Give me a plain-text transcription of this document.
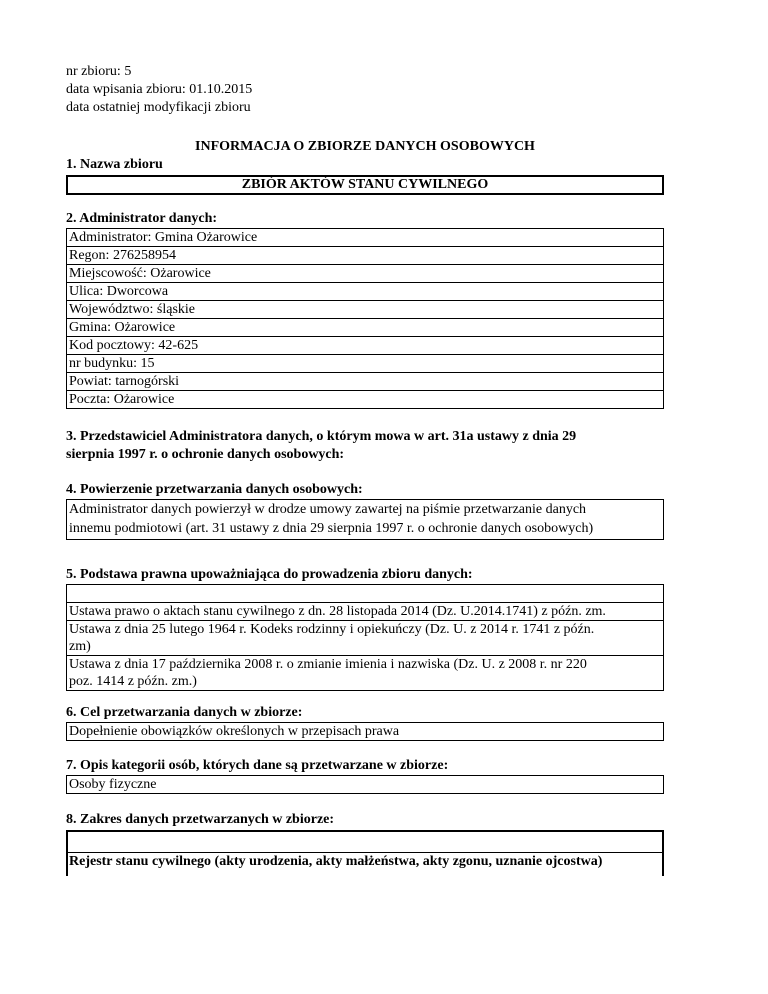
nr zbioru: 5
data wpisania zbioru: 01.10.2015
data ostatniej modyfikacji zbioru
INFORMACJA O ZBIORZE DANYCH OSOBOWYCH
1. Nazwa zbioru
ZBIÓR AKTÓW STANU CYWILNEGO
2. Administrator danych:
Administrator: Gmina Ożarowice
Regon: 276258954
Miejscowość: Ożarowice
Ulica: Dworcowa
Województwo: śląskie
Gmina: Ożarowice
Kod pocztowy: 42-625
nr budynku: 15
Powiat: tarnogórski
Poczta: Ożarowice
3. Przedstawiciel Administratora danych, o którym mowa w art. 31a ustawy z dnia 29
sierpnia 1997 r. o ochronie danych osobowych:
4. Powierzenie przetwarzania danych osobowych:
Administrator danych powierzył w drodze umowy zawartej na piśmie przetwarzanie danych
innemu podmiotowi (art. 31 ustawy z dnia 29 sierpnia 1997 r. o ochronie danych osobowych)
5. Podstawa prawna upoważniająca do prowadzenia zbioru danych:
Ustawa prawo o aktach stanu cywilnego z dn. 28 listopada 2014 (Dz. U.2014.1741) z późn. zm.
Ustawa z dnia 25 lutego 1964 r. Kodeks rodzinny i opiekuńczy (Dz. U. z 2014 r. 1741 z późn.
zm)
Ustawa z dnia 17 października 2008 r. o zmianie imienia i nazwiska (Dz. U. z 2008 r. nr 220
poz. 1414 z późn. zm.)
6. Cel przetwarzania danych w zbiorze:
Dopełnienie obowiązków określonych w przepisach prawa
7. Opis kategorii osób, których dane są przetwarzane w zbiorze:
Osoby fizyczne
8. Zakres danych przetwarzanych w zbiorze:
Rejestr stanu cywilnego (akty urodzenia, akty małżeństwa, akty zgonu, uznanie ojcostwa)
